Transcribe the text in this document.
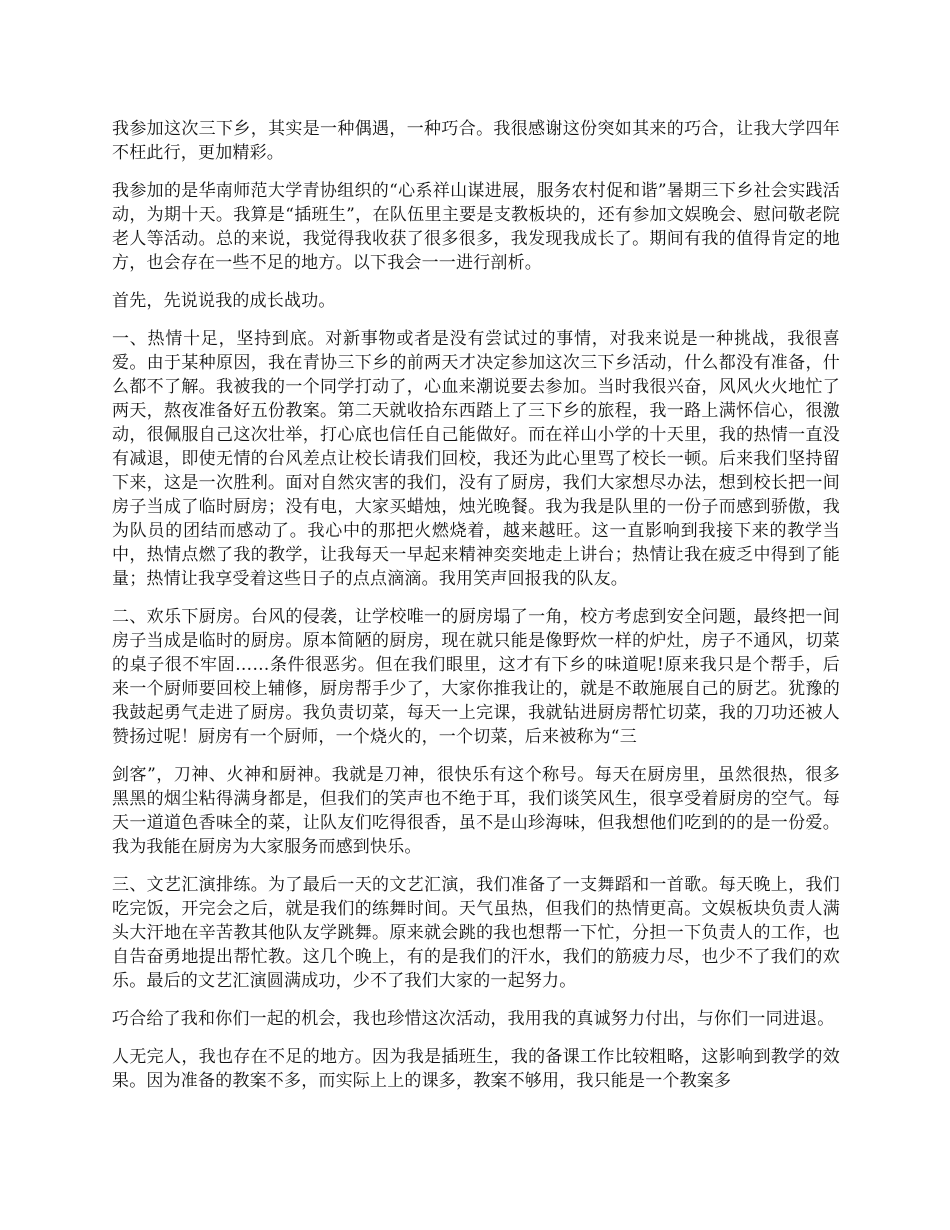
我参加这次三下乡，其实是一种偶遇，一种巧合。我很感谢这份突如其来的巧合，让我大学四年不枉此行，更加精彩。

我参加的是华南师范大学青协组织的“心系祥山谋进展，服务农村促和谐”暑期三下乡社会实践活动，为期十天。我算是“插班生”，在队伍里主要是支教板块的，还有参加文娱晚会、慰问敬老院老人等活动。总的来说，我觉得我收获了很多很多，我发现我成长了。期间有我的值得肯定的地方，也会存在一些不足的地方。以下我会一一进行剖析。

首先，先说说我的成长战功。

一、热情十足，坚持到底。对新事物或者是没有尝试过的事情，对我来说是一种挑战，我很喜爱。由于某种原因，我在青协三下乡的前两天才决定参加这次三下乡活动，什么都没有准备，什么都不了解。我被我的一个同学打动了，心血来潮说要去参加。当时我很兴奋，风风火火地忙了两天，熬夜准备好五份教案。第二天就收拾东西踏上了三下乡的旅程，我一路上满怀信心，很激动，很佩服自己这次壮举，打心底也信任自己能做好。而在祥山小学的十天里，我的热情一直没有减退，即使无情的台风差点让校长请我们回校，我还为此心里骂了校长一顿。后来我们坚持留下来，这是一次胜利。面对自然灾害的我们，没有了厨房，我们大家想尽办法，想到校长把一间房子当成了临时厨房；没有电，大家买蜡烛，烛光晚餐。我为我是队里的一份子而感到骄傲，我为队员的团结而感动了。我心中的那把火燃烧着，越来越旺。这一直影响到我接下来的教学当中，热情点燃了我的教学，让我每天一早起来精神奕奕地走上讲台；热情让我在疲乏中得到了能量；热情让我享受着这些日子的点点滴滴。我用笑声回报我的队友。

二、欢乐下厨房。台风的侵袭，让学校唯一的厨房塌了一角，校方考虑到安全问题，最终把一间房子当成是临时的厨房。原本简陋的厨房，现在就只能是像野炊一样的炉灶，房子不通风，切菜的桌子很不牢固……条件很恶劣。但在我们眼里，这才有下乡的味道呢!原来我只是个帮手，后来一个厨师要回校上辅修，厨房帮手少了，大家你推我让的，就是不敢施展自己的厨艺。犹豫的我鼓起勇气走进了厨房。我负责切菜，每天一上完课，我就钻进厨房帮忙切菜，我的刀功还被人赞扬过呢！厨房有一个厨师，一个烧火的，一个切菜，后来被称为“三

剑客”，刀神、火神和厨神。我就是刀神，很快乐有这个称号。每天在厨房里，虽然很热，很多黑黑的烟尘粘得满身都是，但我们的笑声也不绝于耳，我们谈笑风生，很享受着厨房的空气。每天一道道色香味全的菜，让队友们吃得很香，虽不是山珍海味，但我想他们吃到的的是一份爱。我为我能在厨房为大家服务而感到快乐。

三、文艺汇演排练。为了最后一天的文艺汇演，我们准备了一支舞蹈和一首歌。每天晚上，我们吃完饭，开完会之后，就是我们的练舞时间。天气虽热，但我们的热情更高。文娱板块负责人满头大汗地在辛苦教其他队友学跳舞。原来就会跳的我也想帮一下忙，分担一下负责人的工作，也自告奋勇地提出帮忙教。这几个晚上，有的是我们的汗水，我们的筋疲力尽，也少不了我们的欢乐。最后的文艺汇演圆满成功，少不了我们大家的一起努力。

巧合给了我和你们一起的机会，我也珍惜这次活动，我用我的真诚努力付出，与你们一同进退。

人无完人，我也存在不足的地方。因为我是插班生，我的备课工作比较粗略，这影响到教学的效果。因为准备的教案不多，而实际上上的课多，教案不够用，我只能是一个教案多
